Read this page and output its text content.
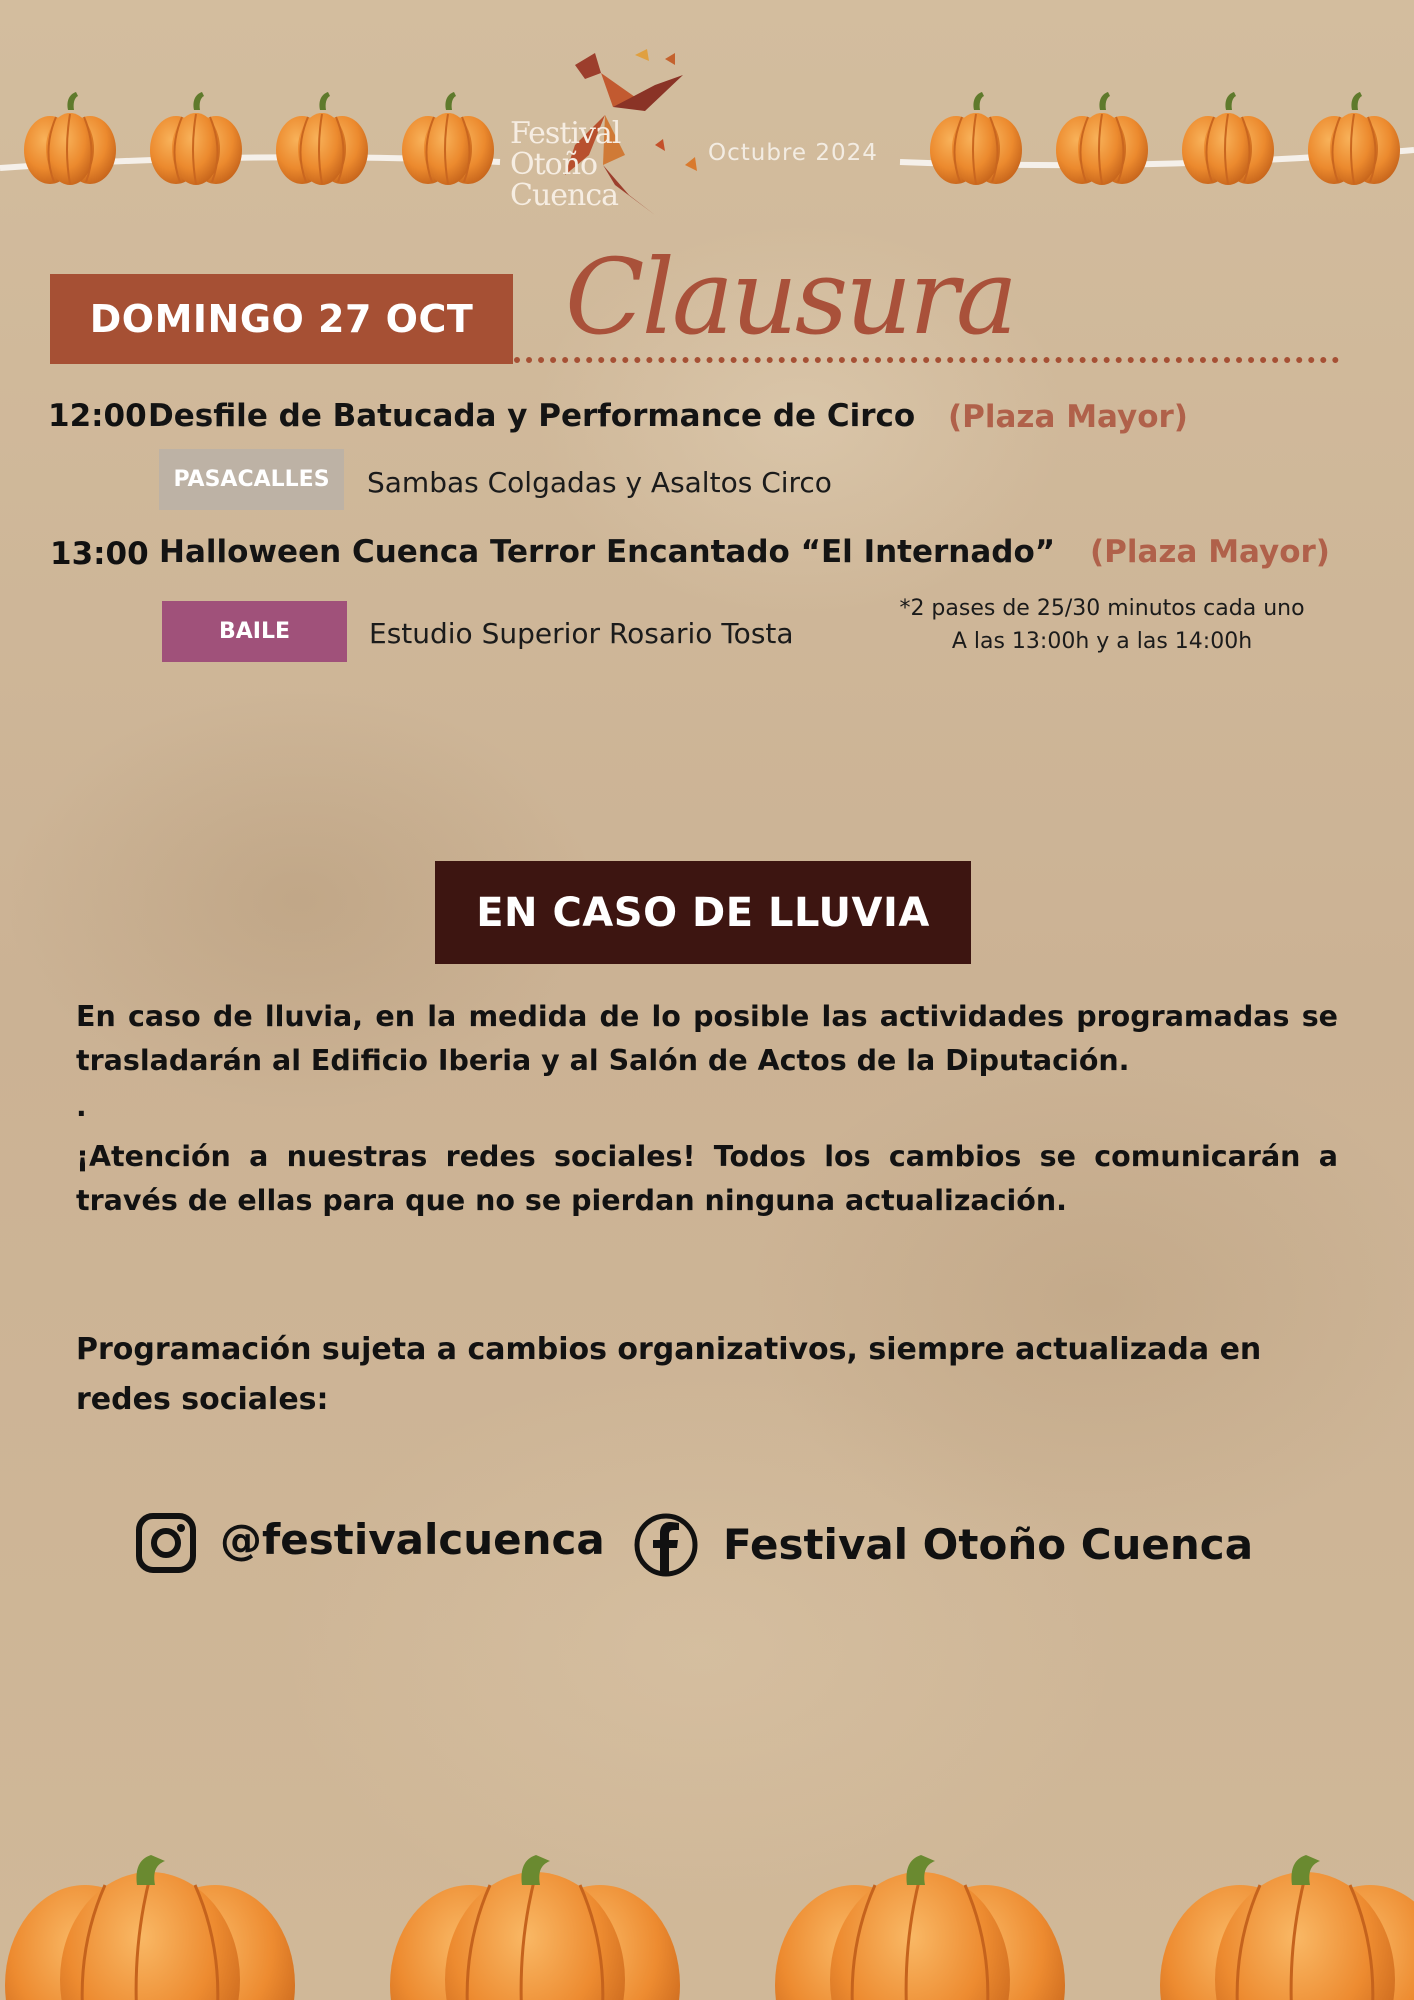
Festival
Otoño
Cuenca
Octubre 2024
DOMINGO 27 OCT Clausura
12:00 Desfile de Batucada y Performance de Circo (Plaza Mayor)
PASACALLES	Sambas Colgadas y Asaltos Circo
13:00 Halloween Cuenca Terror Encantado “El Internado” (Plaza Mayor)
BAILE	Estudio Superior Rosario Tosta
*2 pases de 25/30 minutos cada uno
A las 13:00h y a las 14:00h
EN CASO DE LLUVIA
En caso de lluvia, en la medida de lo posible las actividades programadas se trasladarán al Edificio Iberia y al Salón de Actos de la Diputación.
.
¡Atención a nuestras redes sociales! Todos los cambios se comunicarán a través de ellas para que no se pierdan ninguna actualización.
Programación sujeta a cambios organizativos, siempre actualizada en redes sociales:
@festivalcuenca	Festival Otoño Cuenca
